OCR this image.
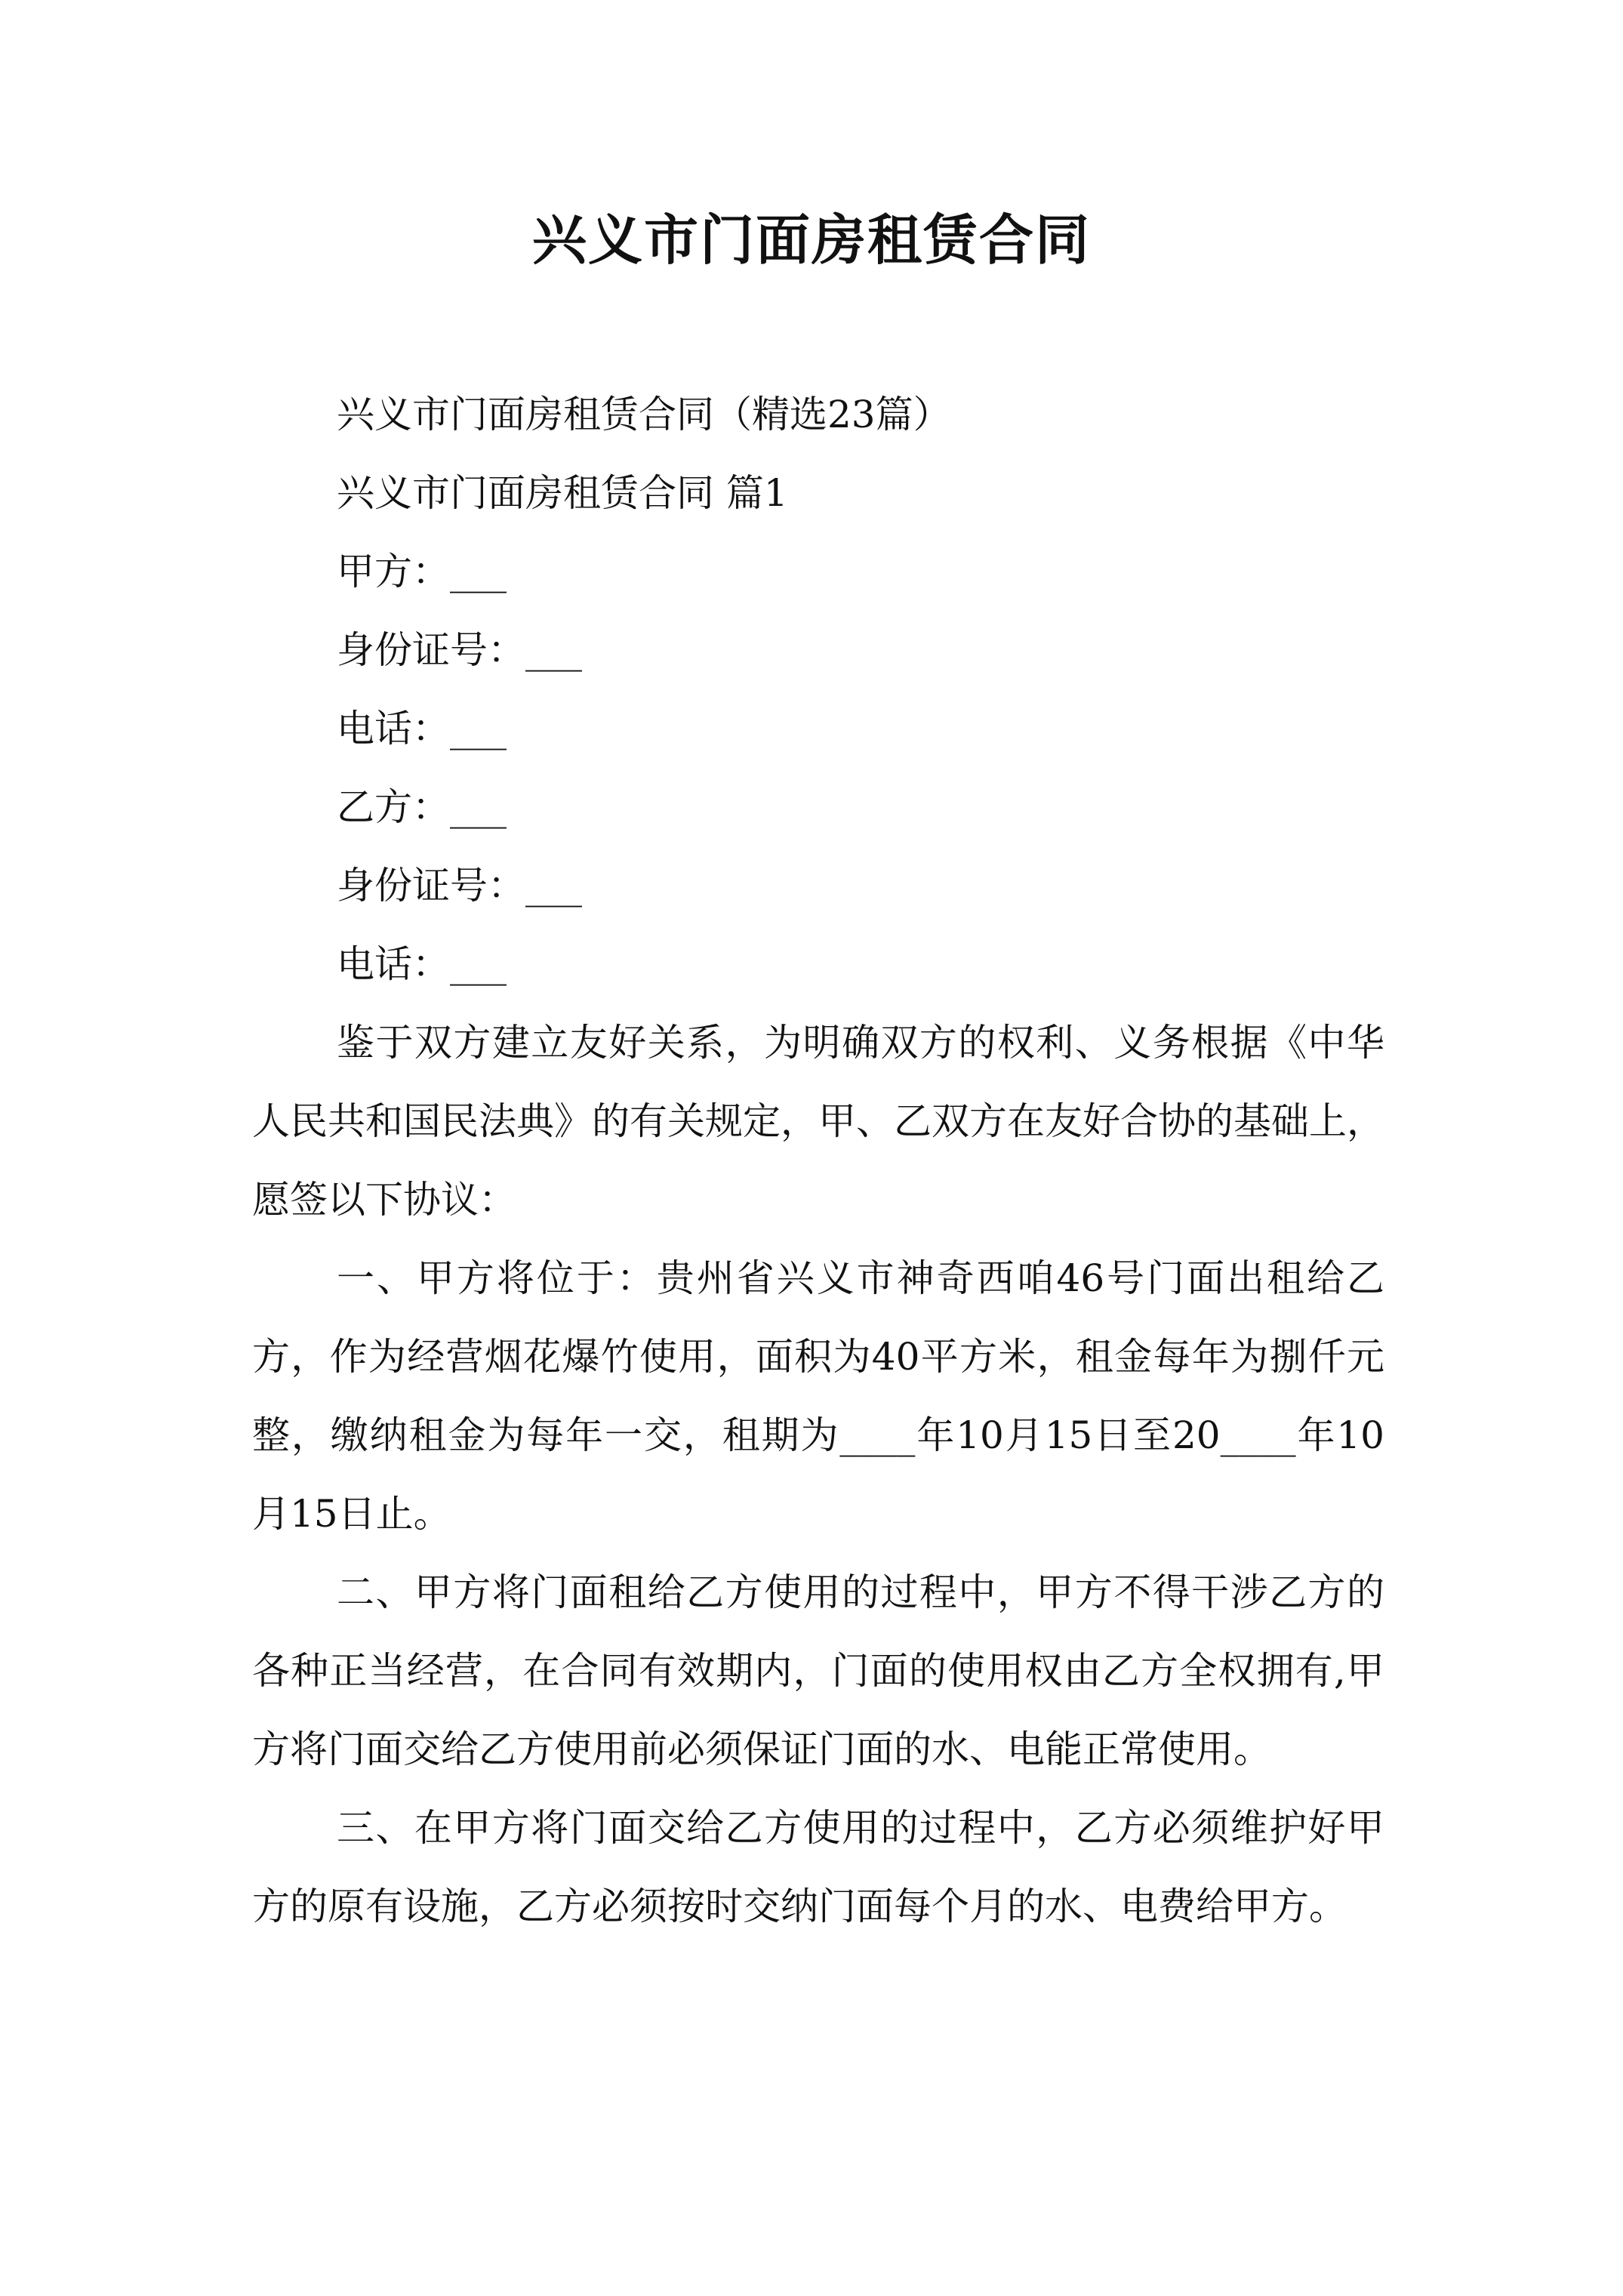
兴义市门面房租赁合同
兴义市门面房租赁合同（精选23篇）
兴义市门面房租赁合同 篇1
甲方：___
身份证号：___
电话：___
乙方：___
身份证号：___
电话：___

鉴于双方建立友好关系，为明确双方的权利、义务根据《中华人民共和国民法典》的有关规定，甲、乙双方在友好合协的基础上，愿签以下协议：

一、甲方将位于：贵州省兴义市神奇西咱46号门面出租给乙方，作为经营烟花爆竹使用，面积为40平方米，租金每年为捌仟元整，缴纳租金为每年一交，租期为____年10月15日至20____年10月15日止。

二、甲方将门面租给乙方使用的过程中，甲方不得干涉乙方的各种正当经营，在合同有效期内，门面的使用权由乙方全权拥有,甲方将门面交给乙方使用前必须保证门面的水、电能正常使用。

三、在甲方将门面交给乙方使用的过程中，乙方必须维护好甲方的原有设施，乙方必须按时交纳门面每个月的水、电费给甲方。
